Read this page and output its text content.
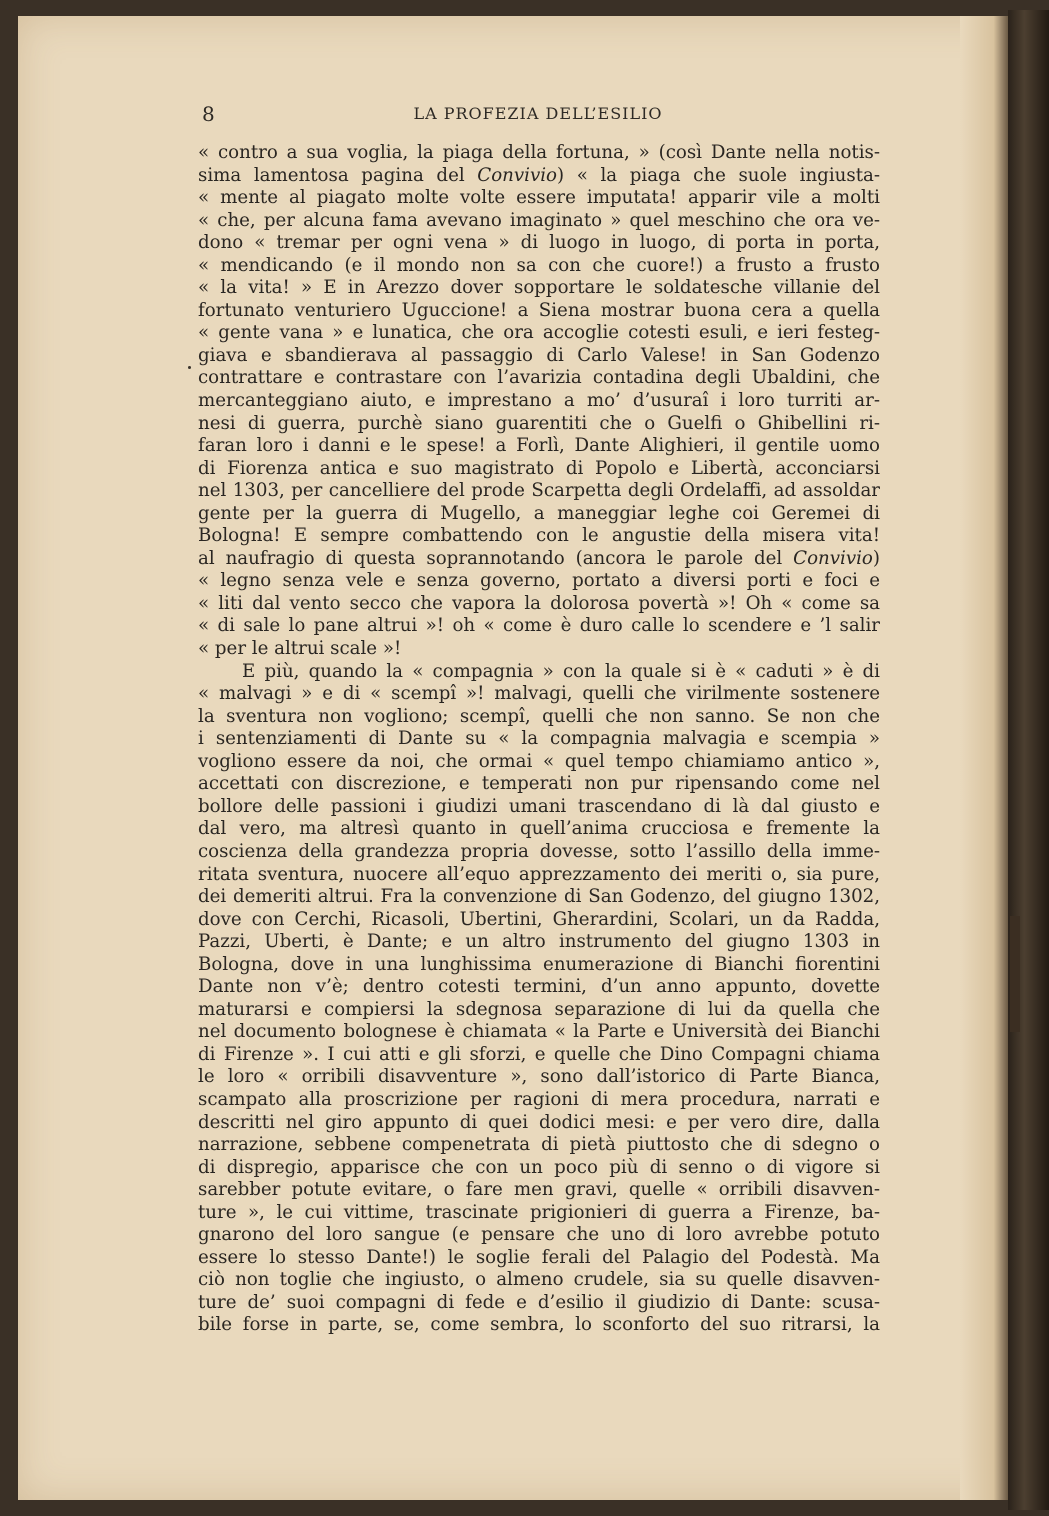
8	LA PROFEZIA DELL’ESILIO
« contro a sua voglia, la piaga della fortuna, » (così Dante nella notis-
sima lamentosa pagina del Convivio) « la piaga che suole ingiusta-
« mente al piagato molte volte essere imputata! apparir vile a molti
« che, per alcuna fama avevano imaginato » quel meschino che ora ve-
dono « tremar per ogni vena » di luogo in luogo, di porta in porta,
« mendicando (e il mondo non sa con che cuore!) a frusto a frusto
« la vita! » E in Arezzo dover sopportare le soldatesche villanie del
fortunato venturiero Uguccione! a Siena mostrar buona cera a quella
« gente vana » e lunatica, che ora accoglie cotesti esuli, e ieri festeg-
giava e sbandierava al passaggio di Carlo Valese! in San Godenzo
contrattare e contrastare con l’avarizia contadina degli Ubaldini, che
mercanteggiano aiuto, e imprestano a mo’ d’usuraî i loro turriti ar-
nesi di guerra, purchè siano guarentiti che o Guelfi o Ghibellini ri-
faran loro i danni e le spese! a Forlì, Dante Alighieri, il gentile uomo
di Fiorenza antica e suo magistrato di Popolo e Libertà, acconciarsi
nel 1303, per cancelliere del prode Scarpetta degli Ordelaffi, ad assoldar
gente per la guerra di Mugello, a maneggiar leghe coi Geremei di
Bologna! E sempre combattendo con le angustie della misera vita!
al naufragio di questa soprannotando (ancora le parole del Convivio)
« legno senza vele e senza governo, portato a diversi porti e foci e
« liti dal vento secco che vapora la dolorosa povertà »! Oh « come sa
« di sale lo pane altrui »! oh « come è duro calle lo scendere e ’l salir
« per le altrui scale »!
E più, quando la « compagnia » con la quale si è « caduti » è di
« malvagi » e di « scempî »! malvagi, quelli che virilmente sostenere
la sventura non vogliono; scempî, quelli che non sanno. Se non che
i sentenziamenti di Dante su « la compagnia malvagia e scempia »
vogliono essere da noi, che ormai « quel tempo chiamiamo antico »,
accettati con discrezione, e temperati non pur ripensando come nel
bollore delle passioni i giudizi umani trascendano di là dal giusto e
dal vero, ma altresì quanto in quell’anima crucciosa e fremente la
coscienza della grandezza propria dovesse, sotto l’assillo della imme-
ritata sventura, nuocere all’equo apprezzamento dei meriti o, sia pure,
dei demeriti altrui. Fra la convenzione di San Godenzo, del giugno 1302,
dove con Cerchi, Ricasoli, Ubertini, Gherardini, Scolari, un da Radda,
Pazzi, Uberti, è Dante; e un altro instrumento del giugno 1303 in
Bologna, dove in una lunghissima enumerazione di Bianchi fiorentini
Dante non v’è; dentro cotesti termini, d’un anno appunto, dovette
maturarsi e compiersi la sdegnosa separazione di lui da quella che
nel documento bolognese è chiamata « la Parte e Università dei Bianchi
di Firenze ». I cui atti e gli sforzi, e quelle che Dino Compagni chiama
le loro « orribili disavventure », sono dall’istorico di Parte Bianca,
scampato alla proscrizione per ragioni di mera procedura, narrati e
descritti nel giro appunto di quei dodici mesi: e per vero dire, dalla
narrazione, sebbene compenetrata di pietà piuttosto che di sdegno o
di dispregio, apparisce che con un poco più di senno o di vigore si
sarebber potute evitare, o fare men gravi, quelle « orribili disavven-
ture », le cui vittime, trascinate prigionieri di guerra a Firenze, ba-
gnarono del loro sangue (e pensare che uno di loro avrebbe potuto
essere lo stesso Dante!) le soglie ferali del Palagio del Podestà. Ma
ciò non toglie che ingiusto, o almeno crudele, sia su quelle disavven-
ture de’ suoi compagni di fede e d’esilio il giudizio di Dante: scusa-
bile forse in parte, se, come sembra, lo sconforto del suo ritrarsi, la
